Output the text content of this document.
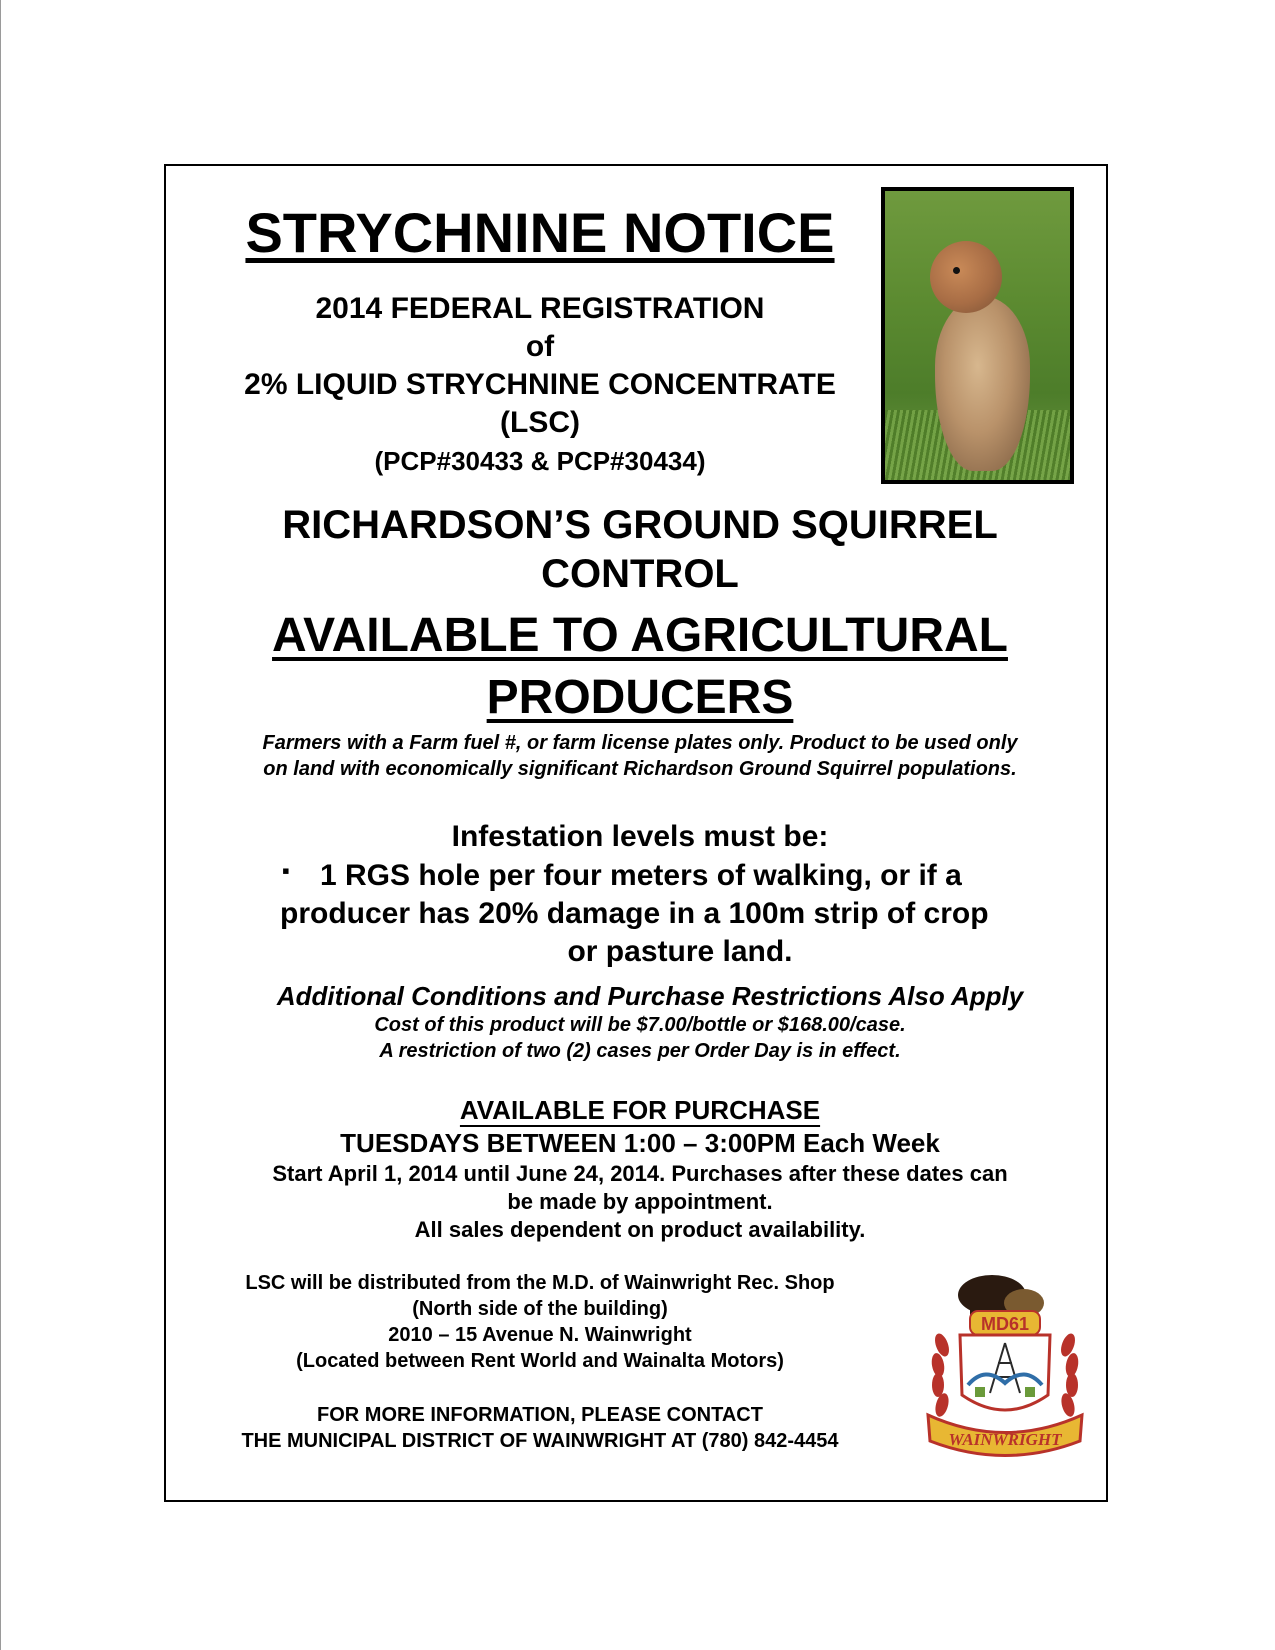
STRYCHNINE NOTICE
2014 FEDERAL REGISTRATION
of
2% LIQUID STRYCHNINE CONCENTRATE
(LSC)
(PCP#30433 & PCP#30434)
RICHARDSON’S GROUND SQUIRREL
CONTROL
AVAILABLE TO AGRICULTURAL
PRODUCERS
Farmers with a Farm fuel #, or farm license plates only. Product to be used only
on land with economically significant Richardson Ground Squirrel populations.
Infestation levels must be:
▪ 1 RGS hole per four meters of walking, or if a
producer has 20% damage in a 100m strip of crop
or pasture land.
Additional Conditions and Purchase Restrictions Also Apply
Cost of this product will be $7.00/bottle or $168.00/case.
A restriction of two (2) cases per Order Day is in effect.
AVAILABLE FOR PURCHASE
TUESDAYS BETWEEN 1:00 – 3:00PM Each Week
Start April 1, 2014 until June 24, 2014. Purchases after these dates can
be made by appointment.
All sales dependent on product availability.
LSC will be distributed from the M.D. of Wainwright Rec. Shop
(North side of the building)
2010 – 15 Avenue N. Wainwright
(Located between Rent World and Wainalta Motors)
FOR MORE INFORMATION, PLEASE CONTACT
THE MUNICIPAL DISTRICT OF WAINWRIGHT AT (780) 842-4454
MD61
WAINWRIGHT
